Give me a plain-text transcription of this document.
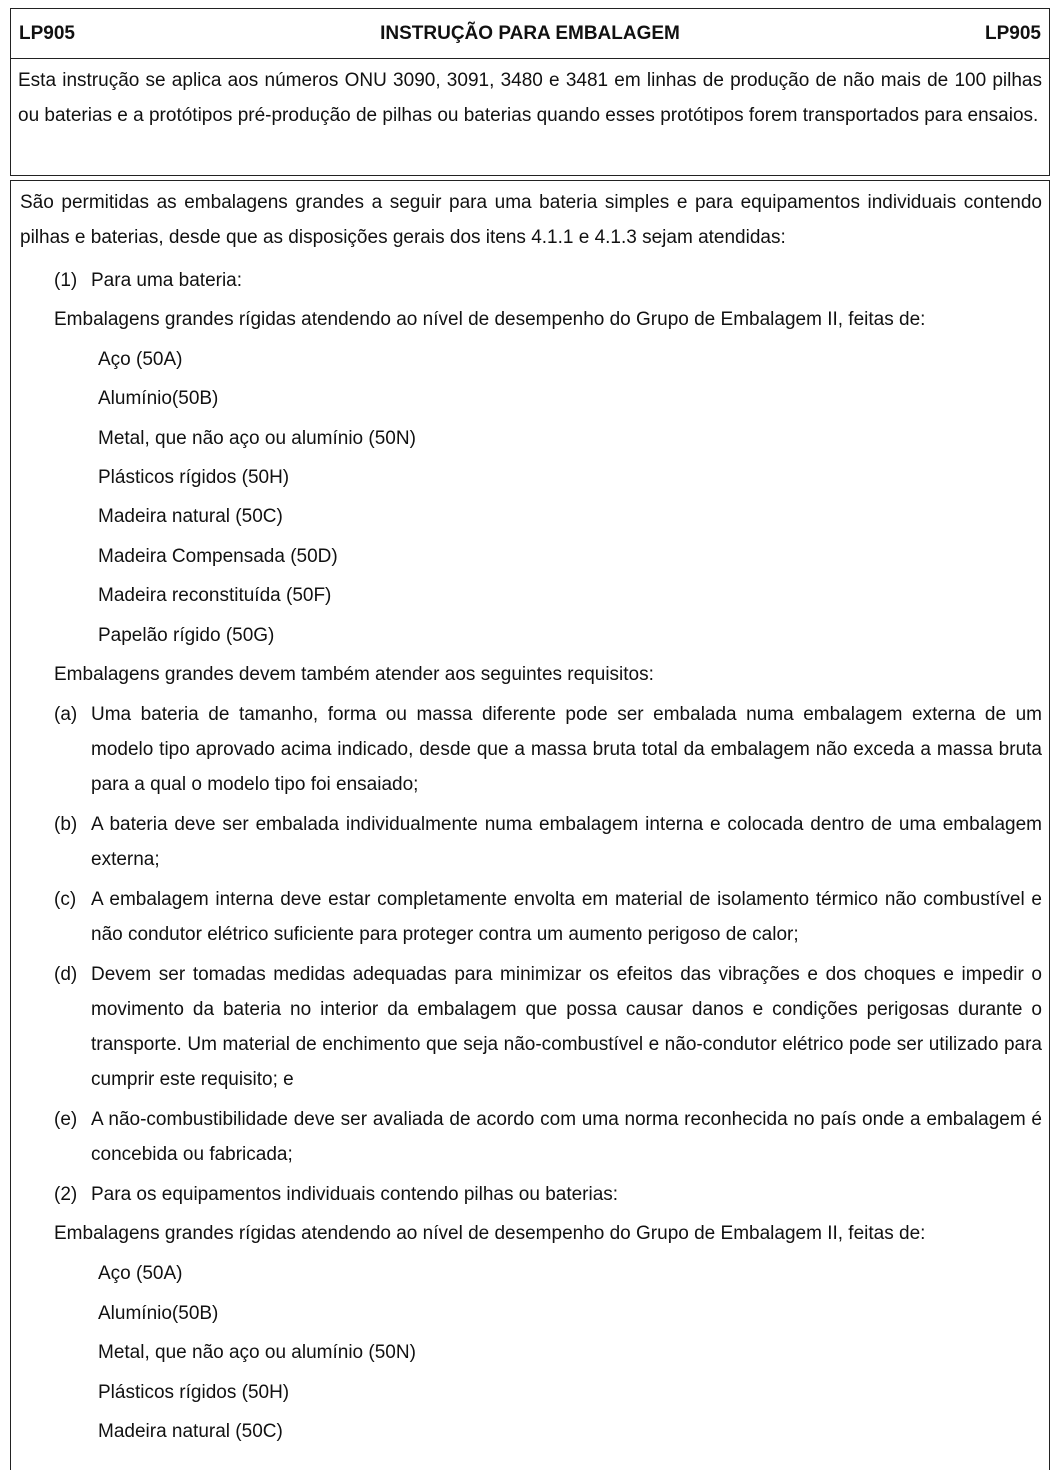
LP905	INSTRUÇÃO PARA EMBALAGEM	LP905

Esta instrução se aplica aos números ONU 3090, 3091, 3480 e 3481 em linhas de produção de não mais de 100 pilhas ou baterias e a protótipos pré-produção de pilhas ou baterias quando esses protótipos forem transportados para ensaios.

São permitidas as embalagens grandes a seguir para uma bateria simples e para equipamentos individuais contendo pilhas e baterias, desde que as disposições gerais dos itens 4.1.1 e 4.1.3 sejam atendidas:

(1) Para uma bateria:
Embalagens grandes rígidas atendendo ao nível de desempenho do Grupo de Embalagem II, feitas de:
Aço (50A)
Alumínio(50B)
Metal, que não aço ou alumínio (50N)
Plásticos rígidos (50H)
Madeira natural (50C)
Madeira Compensada (50D)
Madeira reconstituída (50F)
Papelão rígido (50G)
Embalagens grandes devem também atender aos seguintes requisitos:
(a) Uma bateria de tamanho, forma ou massa diferente pode ser embalada numa embalagem externa de um modelo tipo aprovado acima indicado, desde que a massa bruta total da embalagem não exceda a massa bruta para a qual o modelo tipo foi ensaiado;

(b) A bateria deve ser embalada individualmente numa embalagem interna e colocada dentro de uma embalagem externa;

(c) A embalagem interna deve estar completamente envolta em material de isolamento térmico não combustível e não condutor elétrico suficiente para proteger contra um aumento perigoso de calor;

(d) Devem ser tomadas medidas adequadas para minimizar os efeitos das vibrações e dos choques e impedir o movimento da bateria no interior da embalagem que possa causar danos e condições perigosas durante o transporte. Um material de enchimento que seja não-combustível e não-condutor elétrico pode ser utilizado para cumprir este requisito; e

(e) A não-combustibilidade deve ser avaliada de acordo com uma norma reconhecida no país onde a embalagem é concebida ou fabricada;

(2) Para os equipamentos individuais contendo pilhas ou baterias:
Embalagens grandes rígidas atendendo ao nível de desempenho do Grupo de Embalagem II, feitas de:
Aço (50A)
Alumínio(50B)
Metal, que não aço ou alumínio (50N)
Plásticos rígidos (50H)
Madeira natural (50C)
